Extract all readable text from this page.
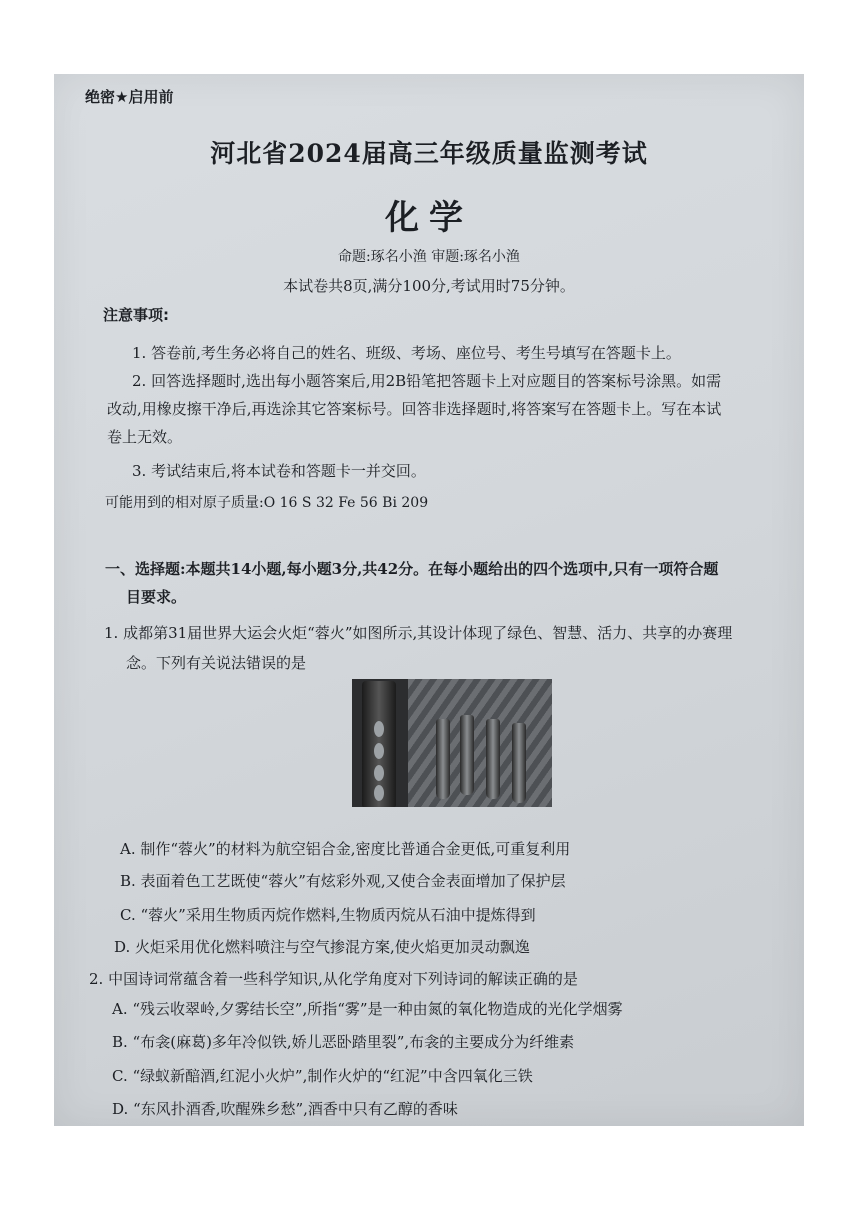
绝密★启用前
河北省2024届高三年级质量监测考试
化学
命题:琢名小渔 审题:琢名小渔
本试卷共8页,满分100分,考试用时75分钟。
注意事项:
1. 答卷前,考生务必将自己的姓名、班级、考场、座位号、考生号填写在答题卡上。
2. 回答选择题时,选出每小题答案后,用2B铅笔把答题卡上对应题目的答案标号涂黑。如需
改动,用橡皮擦干净后,再选涂其它答案标号。回答非选择题时,将答案写在答题卡上。写在本试
卷上无效。
3. 考试结束后,将本试卷和答题卡一并交回。
可能用到的相对原子质量:O 16 S 32 Fe 56 Bi 209
一、选择题:本题共14小题,每小题3分,共42分。在每小题给出的四个选项中,只有一项符合题
目要求。
1. 成都第31届世界大运会火炬“蓉火”如图所示,其设计体现了绿色、智慧、活力、共享的办赛理
念。下列有关说法错误的是
A. 制作“蓉火”的材料为航空铝合金,密度比普通合金更低,可重复利用
B. 表面着色工艺既使“蓉火”有炫彩外观,又使合金表面增加了保护层
C. “蓉火”采用生物质丙烷作燃料,生物质丙烷从石油中提炼得到
D. 火炬采用优化燃料喷注与空气掺混方案,使火焰更加灵动飘逸
2. 中国诗词常蕴含着一些科学知识,从化学角度对下列诗词的解读正确的是
A. “残云收翠岭,夕雾结长空”,所指“雾”是一种由氮的氧化物造成的光化学烟雾
B. “布衾(麻葛)多年冷似铁,娇儿恶卧踏里裂”,布衾的主要成分为纤维素
C. “绿蚁新醅酒,红泥小火炉”,制作火炉的“红泥”中含四氧化三铁
D. “东风扑酒香,吹醒殊乡愁”,酒香中只有乙醇的香味
